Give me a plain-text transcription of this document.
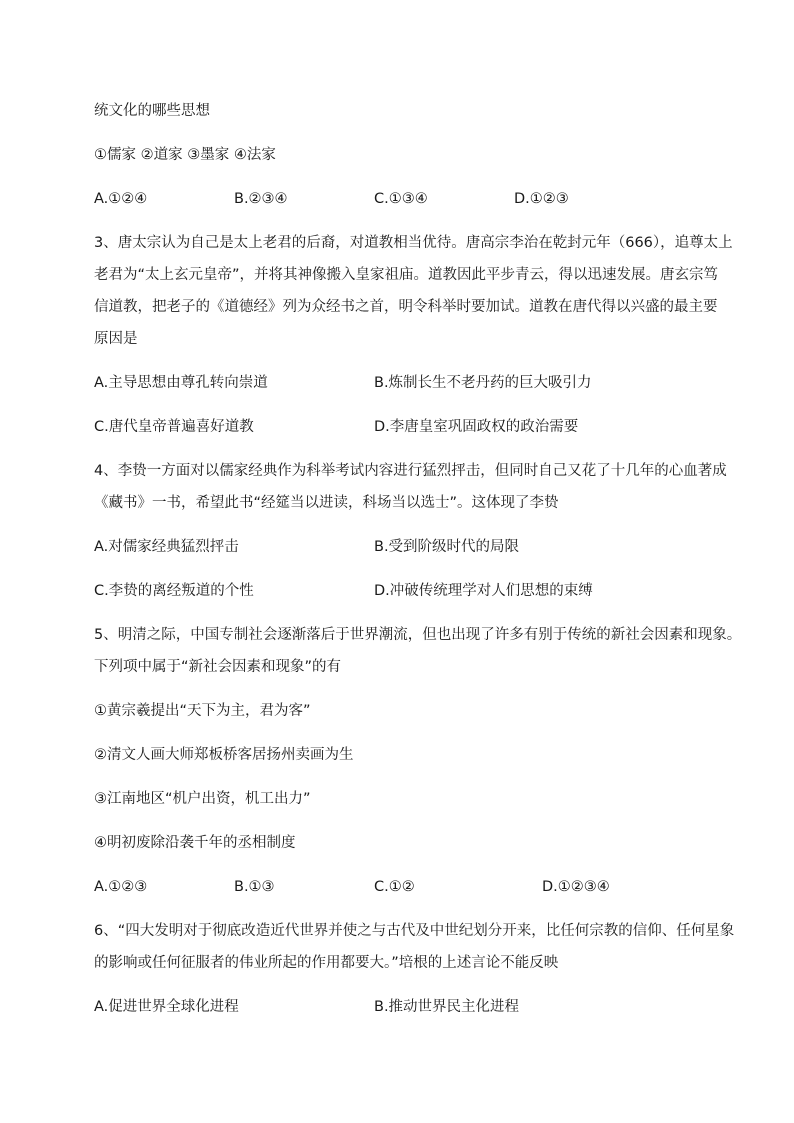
统文化的哪些思想
①儒家 ②道家 ③墨家 ④法家
A.①②④	B.②③④	C.①③④	D.①②③
3、唐太宗认为自己是太上老君的后裔，对道教相当优待。唐高宗李治在乾封元年（666），追尊太上
老君为“太上玄元皇帝”，并将其神像搬入皇家祖庙。道教因此平步青云，得以迅速发展。唐玄宗笃
信道教，把老子的《道德经》列为众经书之首，明令科举时要加试。道教在唐代得以兴盛的最主要
原因是
A.主导思想由尊孔转向崇道	B.炼制长生不老丹药的巨大吸引力
C.唐代皇帝普遍喜好道教	D.李唐皇室巩固政权的政治需要
4、李贽一方面对以儒家经典作为科举考试内容进行猛烈抨击，但同时自己又花了十几年的心血著成
《藏书》一书，希望此书“经筵当以进读，科场当以选士”。这体现了李贽
A.对儒家经典猛烈抨击	B.受到阶级时代的局限
C.李贽的离经叛道的个性	D.冲破传统理学对人们思想的束缚
5、明清之际，中国专制社会逐渐落后于世界潮流，但也出现了许多有别于传统的新社会因素和现象。
下列项中属于“新社会因素和现象”的有
①黄宗羲提出“天下为主，君为客”
②清文人画大师郑板桥客居扬州卖画为生
③江南地区“机户出资，机工出力”
④明初废除沿袭千年的丞相制度
A.①②③	B.①③	C.①②	D.①②③④
6、“四大发明对于彻底改造近代世界并使之与古代及中世纪划分开来，比任何宗教的信仰、任何星象
的影响或任何征服者的伟业所起的作用都要大。”培根的上述言论不能反映
A.促进世界全球化进程	B.推动世界民主化进程
